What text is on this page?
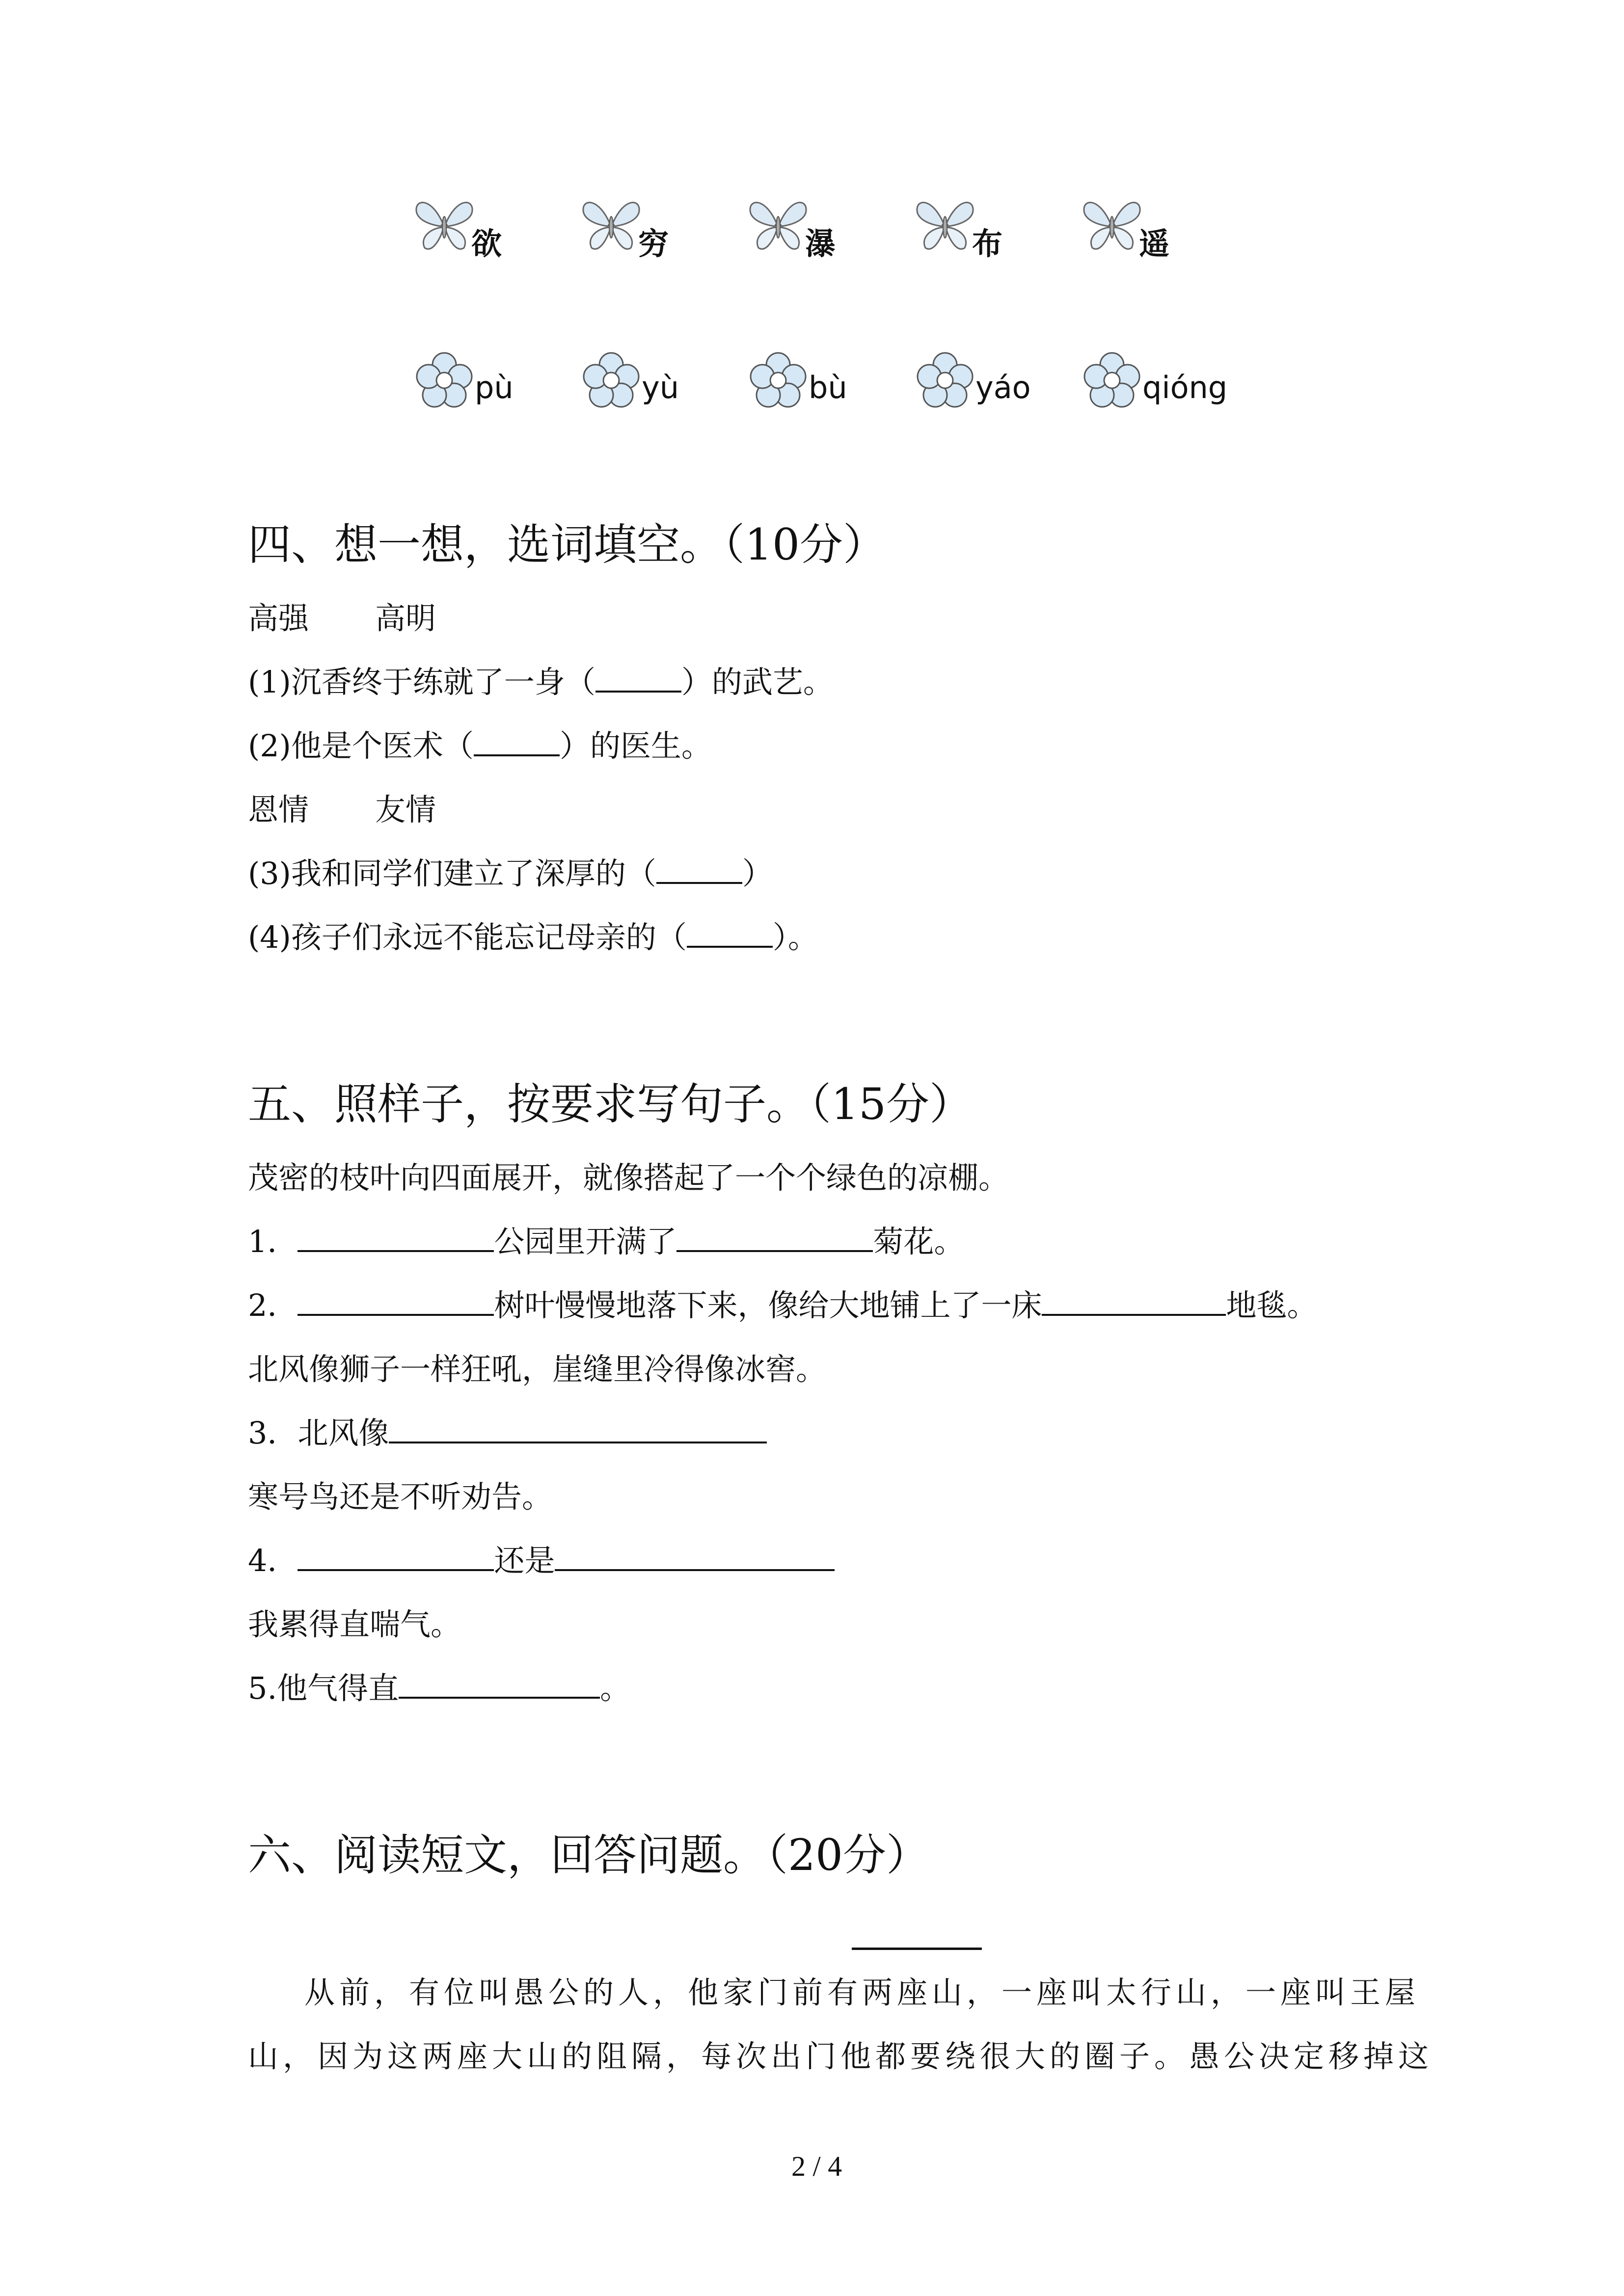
欲	穷	瀑	布	遥
pù	yù	bù	yáo	qióng
四、想一想，选词填空。（10分）
高强 高明
(1)沉香终于练就了一身（	）的武艺。
(2)他是个医术（	）的医生。
恩情 友情
(3)我和同学们建立了深厚的（	）
(4)孩子们永远不能忘记母亲的（	）。
五、照样子，按要求写句子。（15分）
茂密的枝叶向四面展开，就像搭起了一个个绿色的凉棚。
1．	公园里开满了	菊花。
2．	树叶慢慢地落下来，像给大地铺上了一床	地毯。
北风像狮子一样狂吼，崖缝里冷得像冰窖。
3．北风像
寒号鸟还是不听劝告。
4．	还是
我累得直喘气。
5.他气得直	。
六、阅读短文，回答问题。（20分）
从前，有位叫愚公的人，他家门前有两座山，一座叫太行山，一座叫王屋
山，因为这两座大山的阻隔，每次出门他都要绕很大的圈子。愚公决定移掉这
2 / 4
